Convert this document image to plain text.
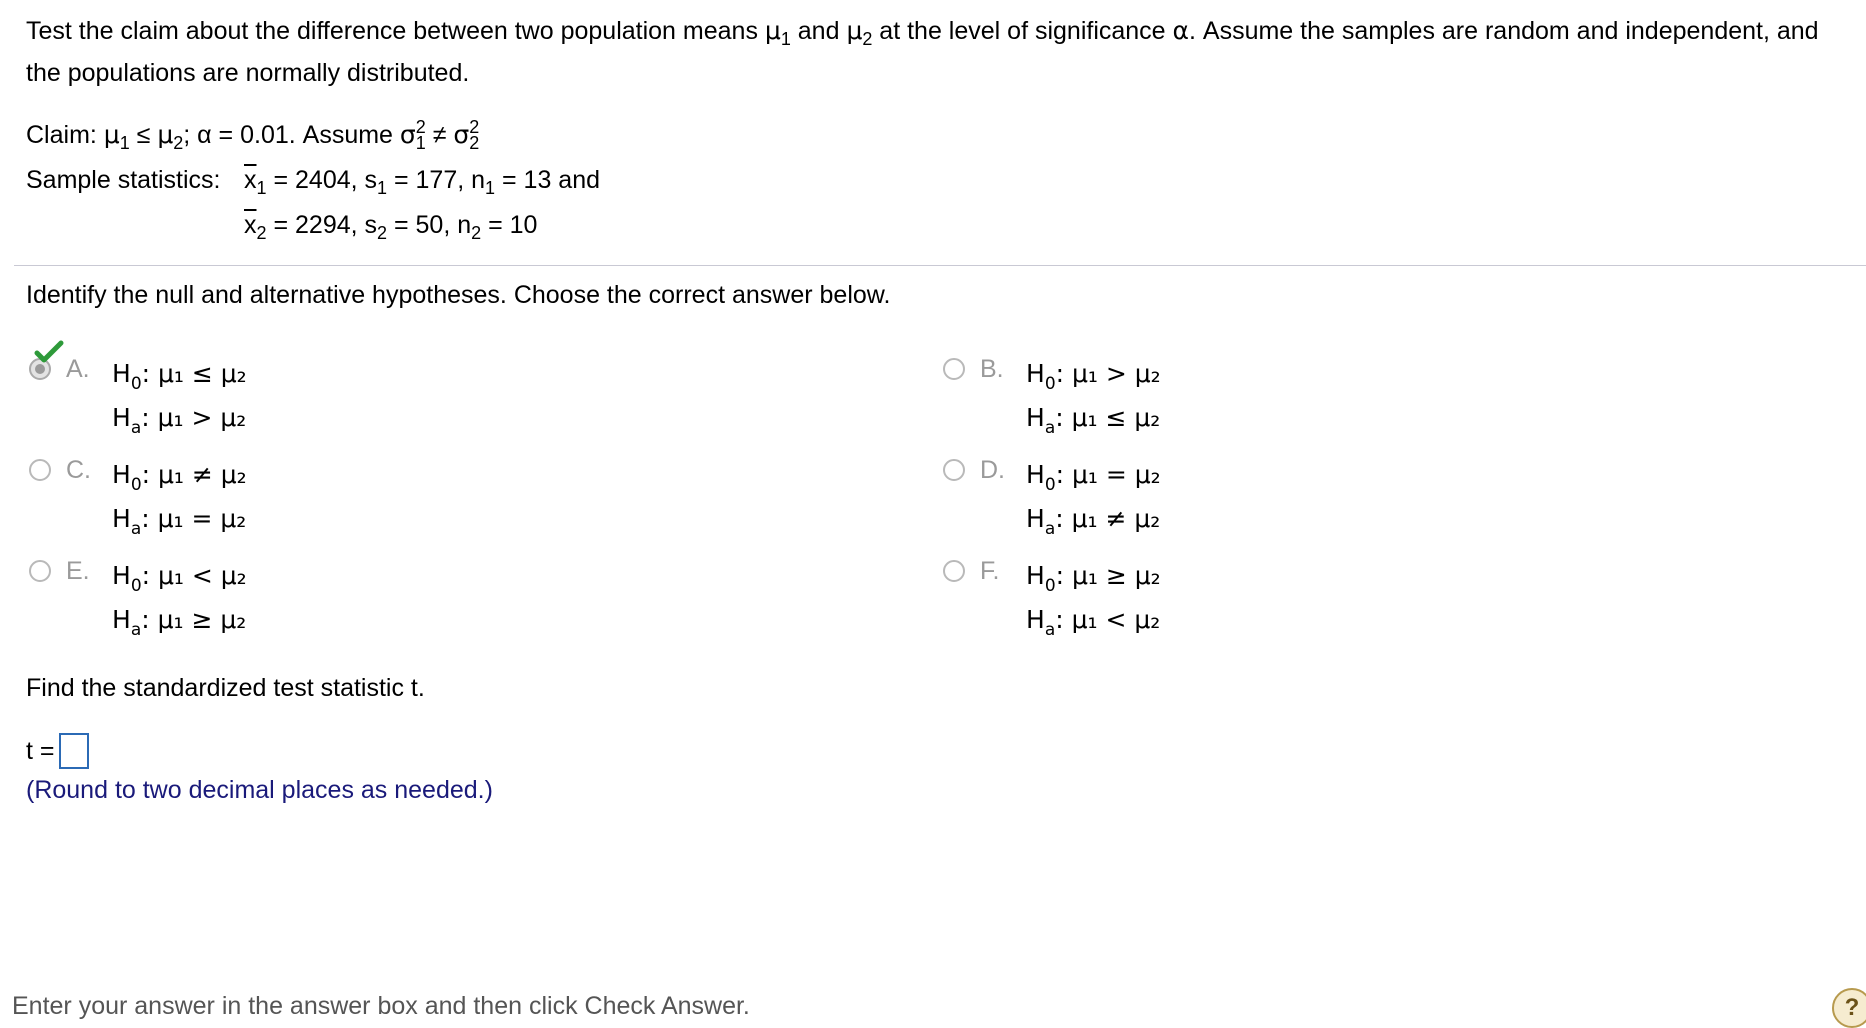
Test the claim about the difference between two population means $\mu_1$ and $\mu_2$ at the level of significance α. Assume the samples are random and independent, and the populations are normally distributed.
Claim: $\mu_1 \le \mu_2$; α = 0.01. Assume $\sigma^2_1 \ne \sigma^2_2$
Sample statistics: $\overline{x}_1 = 2404$, $s_1 = 177$, $n_1 = 13$ and
$\overline{x}_2 = 2294$, $s_2 = 50$, $n_2 = 10$
Identify the null and alternative hypotheses. Choose the correct answer below.
A. $H_0$: μ₁ ≤ μ₂
$H_a$: μ₁ > μ₂
B. $H_0$: μ₁ > μ₂
$H_a$: μ₁ ≤ μ₂
C. $H_0$: μ₁ ≠ μ₂
$H_a$: μ₁ = μ₂
D. $H_0$: μ₁ = μ₂
$H_a$: μ₁ ≠ μ₂
E. $H_0$: μ₁ < μ₂
$H_a$: μ₁ ≥ μ₂
F. $H_0$: μ₁ ≥ μ₂
$H_a$: μ₁ < μ₂
Find the standardized test statistic t.
t =
(Round to two decimal places as needed.)
Enter your answer in the answer box and then click Check Answer.	?
